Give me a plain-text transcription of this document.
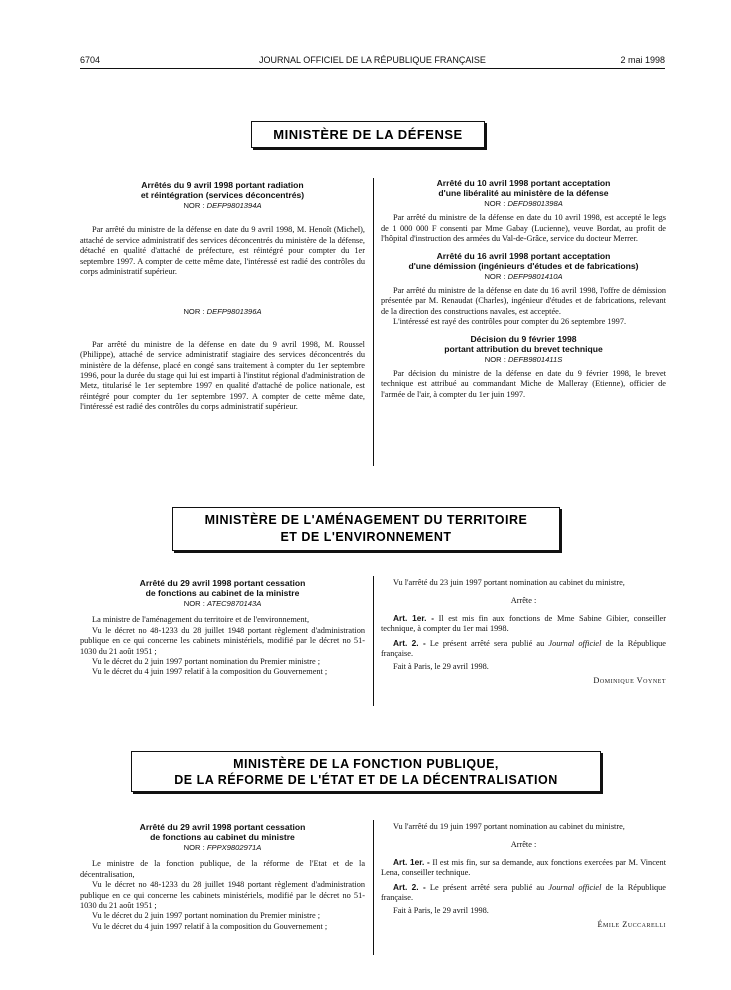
6704	JOURNAL OFFICIEL DE LA RÉPUBLIQUE FRANÇAISE	2 mai 1998
MINISTÈRE DE LA DÉFENSE

Arrêtés du 9 avril 1998 portant radiation

et réintégration (services déconcentrés)

NOR : DEFP9801394A

Par arrêté du ministre de la défense en date du 9 avril 1998, M. Henoît (Michel), attaché de service administratif des services déconcentrés du ministère de la défense, détaché en qualité d'attaché de préfecture, est réintégré pour compter du 1er septembre 1997. A compter de cette même date, l'intéressé est radié des contrôles du corps administratif supérieur.

NOR : DEFP9801396A

Par arrêté du ministre de la défense en date du 9 avril 1998, M. Roussel (Philippe), attaché de service administratif stagiaire des services déconcentrés du ministère de la défense, placé en congé sans traitement à compter du 1er septembre 1996, pour la durée du stage qui lui est imparti à l'institut régional d'administration de Metz, titularisé le 1er septembre 1997 en qualité d'attaché de police nationale, est réintégré pour compter du 1er septembre 1997. A compter de cette même date, l'intéressé est radié des contrôles du corps administratif supérieur.

Arrêté du 10 avril 1998 portant acceptation

d'une libéralité au ministère de la défense

NOR : DEFD9801398A

Par arrêté du ministre de la défense en date du 10 avril 1998, est accepté le legs de 1 000 000 F consenti par Mme Gabay (Lucienne), veuve Bordat, au profit de l'hôpital d'instruction des armées du Val-de-Grâce, service du docteur Merrer.

Arrêté du 16 avril 1998 portant acceptation

d'une démission (ingénieurs d'études et de fabrications)

NOR : DEFP9801410A

Par arrêté du ministre de la défense en date du 16 avril 1998, l'offre de démission présentée par M. Renaudat (Charles), ingénieur d'études et de fabrications, relevant de la direction des constructions navales, est acceptée.

L'intéressé est rayé des contrôles pour compter du 26 septembre 1997.

Décision du 9 février 1998

portant attribution du brevet technique

NOR : DEFB9801411S

Par décision du ministre de la défense en date du 9 février 1998, le brevet technique est attribué au commandant Miche de Malleray (Etienne), officier de l'armée de l'air, à compter du 1er juin 1997.

MINISTÈRE DE L'AMÉNAGEMENT DU TERRITOIRE
ET DE L'ENVIRONNEMENT

Arrêté du 29 avril 1998 portant cessation

de fonctions au cabinet de la ministre

NOR : ATEC9870143A

La ministre de l'aménagement du territoire et de l'environnement,

Vu le décret no 48-1233 du 28 juillet 1948 portant règlement d'administration publique en ce qui concerne les cabinets ministériels, modifié par le décret no 51-1030 du 21 août 1951 ;

Vu le décret du 2 juin 1997 portant nomination du Premier ministre ;

Vu le décret du 4 juin 1997 relatif à la composition du Gouvernement ;

Vu l'arrêté du 23 juin 1997 portant nomination au cabinet du ministre,

Arrête :

Art. 1er. - Il est mis fin aux fonctions de Mme Sabine Gibier, conseiller technique, à compter du 1er mai 1998.

Art. 2. - Le présent arrêté sera publié au Journal officiel de la République française.

Fait à Paris, le 29 avril 1998.

Dominique Voynet

MINISTÈRE DE LA FONCTION PUBLIQUE,
DE LA RÉFORME DE L'ÉTAT ET DE LA DÉCENTRALISATION

Arrêté du 29 avril 1998 portant cessation

de fonctions au cabinet du ministre

NOR : FPPX9802971A

Le ministre de la fonction publique, de la réforme de l'Etat et de la décentralisation,

Vu le décret no 48-1233 du 28 juillet 1948 portant règlement d'administration publique en ce qui concerne les cabinets ministériels, modifié par le décret no 51-1030 du 21 août 1951 ;

Vu le décret du 2 juin 1997 portant nomination du Premier ministre ;

Vu le décret du 4 juin 1997 relatif à la composition du Gouvernement ;

Vu l'arrêté du 19 juin 1997 portant nomination au cabinet du ministre,

Arrête :

Art. 1er. - Il est mis fin, sur sa demande, aux fonctions exercées par M. Vincent Lena, conseiller technique.

Art. 2. - Le présent arrêté sera publié au Journal officiel de la République française.

Fait à Paris, le 29 avril 1998.

Émile Zuccarelli
